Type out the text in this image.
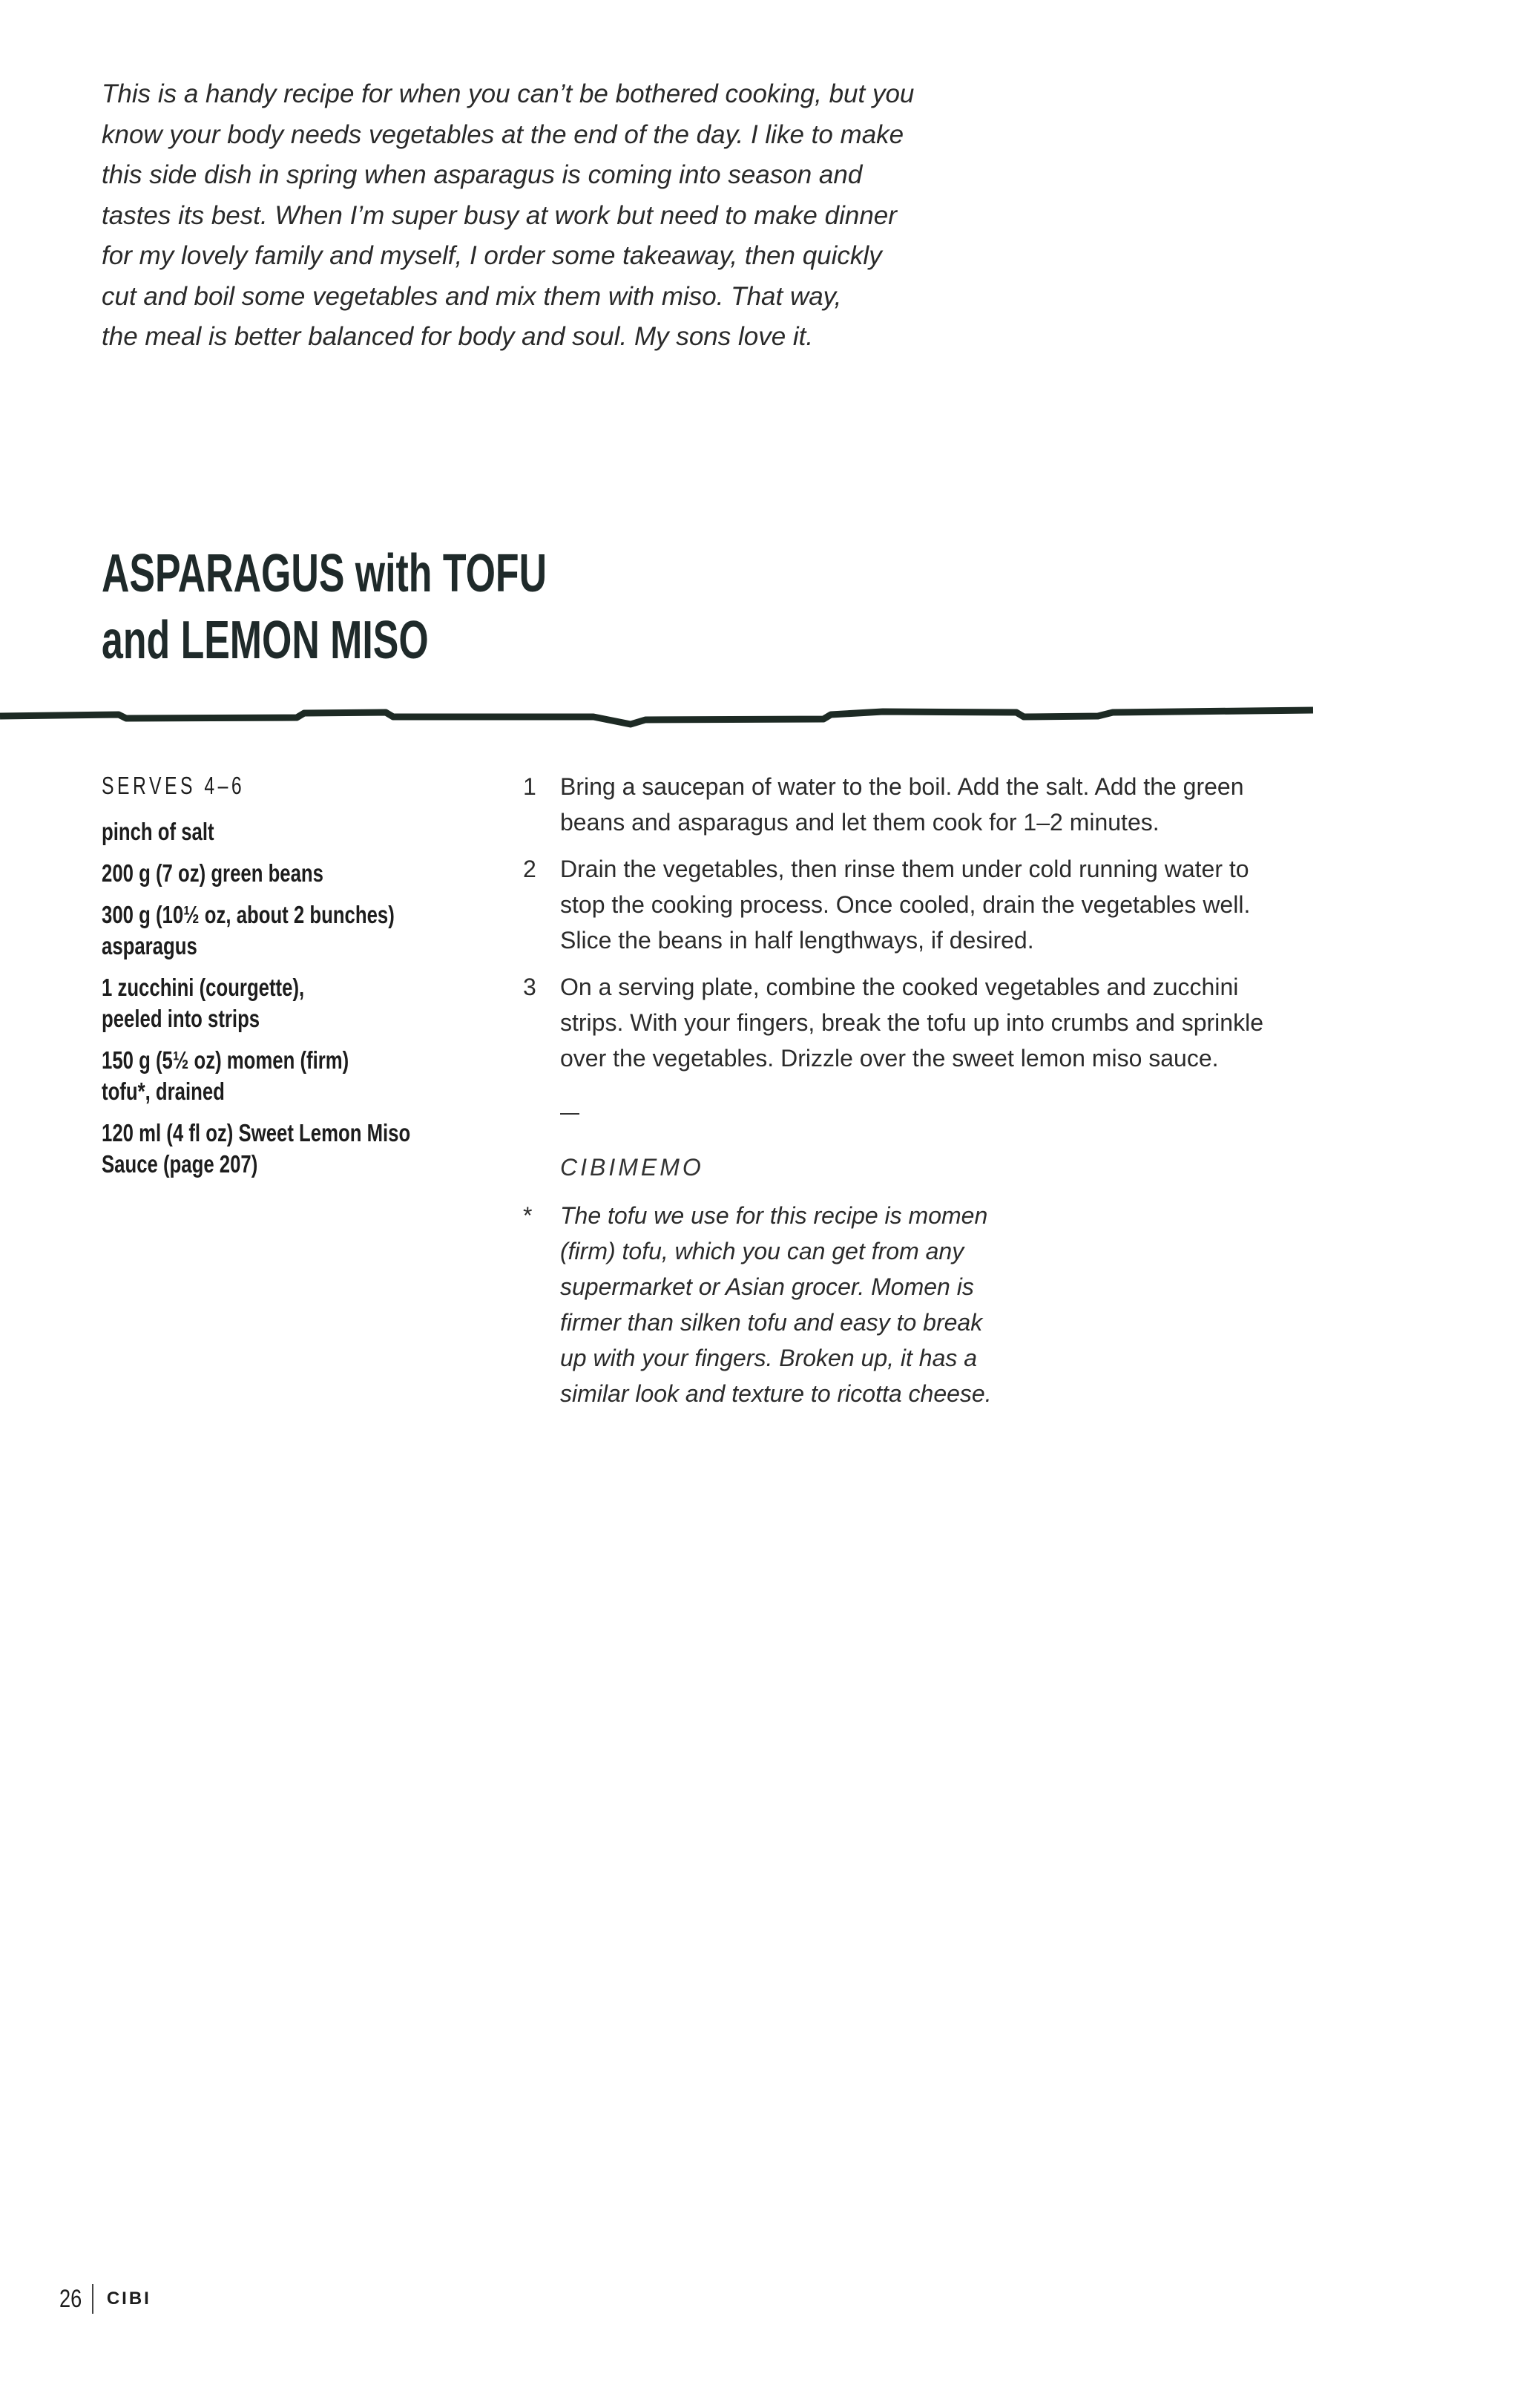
This is a handy recipe for when you can’t be bothered cooking, but you
know your body needs vegetables at the end of the day. I like to make
this side dish in spring when asparagus is coming into season and
tastes its best. When I’m super busy at work but need to make dinner
for my lovely family and myself, I order some takeaway, then quickly
cut and boil some vegetables and mix them with miso. That way,
the meal is better balanced for body and soul. My sons love it.
ASPARAGUS with TOFU
and LEMON MISO
SERVES 4–6
pinch of salt
200 g (7 oz) green beans
300 g (10½ oz, about 2 bunches)
asparagus
1 zucchini (courgette),
peeled into strips
150 g (5½ oz) momen (firm)
tofu*, drained
120 ml (4 fl oz) Sweet Lemon Miso
Sauce (page 207)
1	Bring a saucepan of water to the boil. Add the salt. Add the green
beans and asparagus and let them cook for 1–2 minutes.
2	Drain the vegetables, then rinse them under cold running water to
stop the cooking process. Once cooled, drain the vegetables well.
Slice the beans in half lengthways, if desired.
3	On a serving plate, combine the cooked vegetables and zucchini
strips. With your fingers, break the tofu up into crumbs and sprinkle
over the vegetables. Drizzle over the sweet lemon miso sauce.
CIBIMEMO
*	The tofu we use for this recipe is momen
(firm) tofu, which you can get from any
supermarket or Asian grocer. Momen is
firmer than silken tofu and easy to break
up with your fingers. Broken up, it has a
similar look and texture to ricotta cheese.
26 CIBI
